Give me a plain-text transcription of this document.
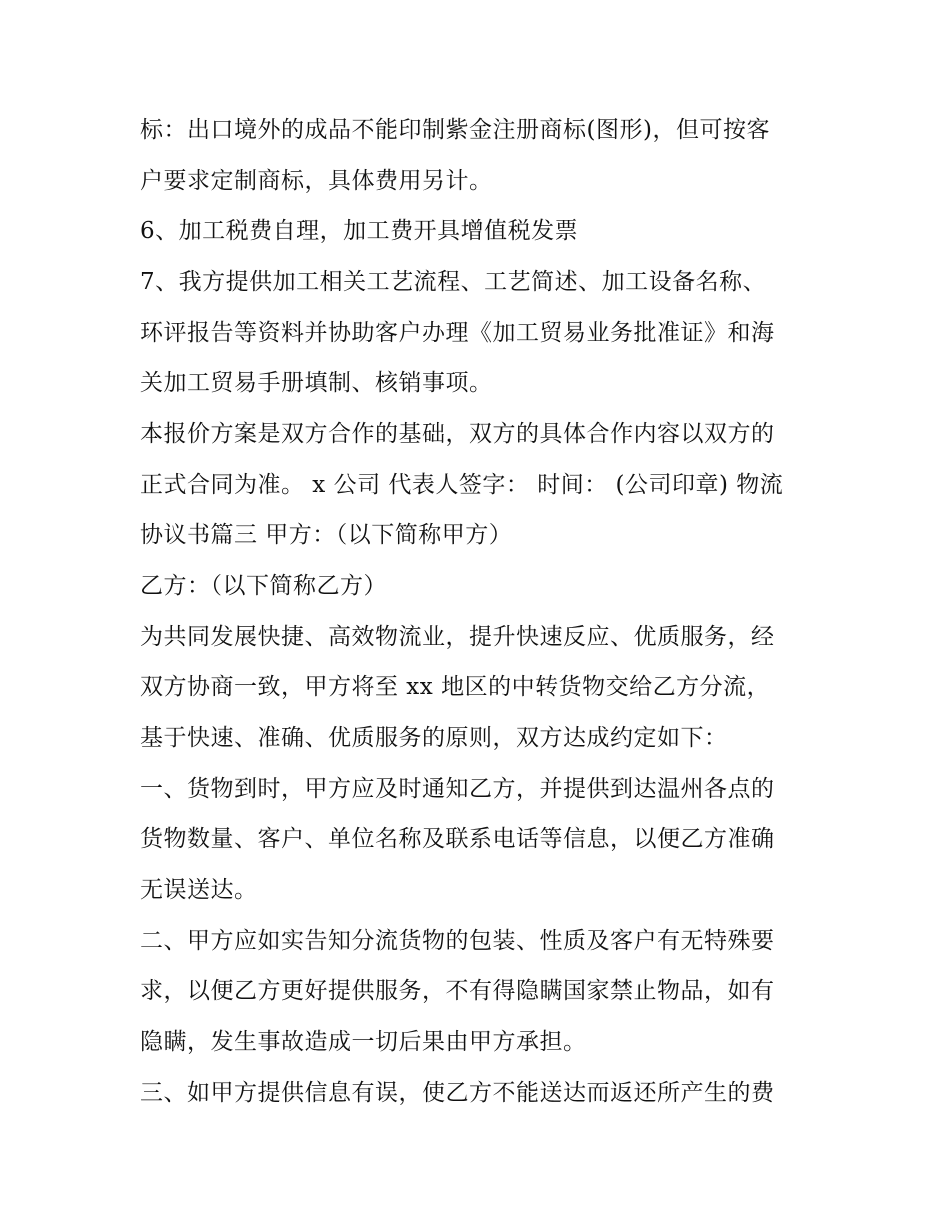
标：出口境外的成品不能印制紫金注册商标(图形)，但可按客
户要求定制商标，具体费用另计。
6、加工税费自理，加工费开具增值税发票
7、我方提供加工相关工艺流程、工艺简述、加工设备名称、
环评报告等资料并协助客户办理《加工贸易业务批准证》和海
关加工贸易手册填制、核销事项。
本报价方案是双方合作的基础，双方的具体合作内容以双方的
正式合同为准。 x 公司 代表人签字： 时间： (公司印章) 物流
协议书篇三 甲方：（以下简称甲方）
乙方：（以下简称乙方）
为共同发展快捷、高效物流业，提升快速反应、优质服务，经
双方协商一致，甲方将至 xx 地区的中转货物交给乙方分流，
基于快速、准确、优质服务的原则，双方达成约定如下：
一、货物到时，甲方应及时通知乙方，并提供到达温州各点的
货物数量、客户、单位名称及联系电话等信息，以便乙方准确
无误送达。
二、甲方应如实告知分流货物的包装、性质及客户有无特殊要
求，以便乙方更好提供服务，不有得隐瞒国家禁止物品，如有
隐瞒，发生事故造成一切后果由甲方承担。
三、如甲方提供信息有误，使乙方不能送达而返还所产生的费
